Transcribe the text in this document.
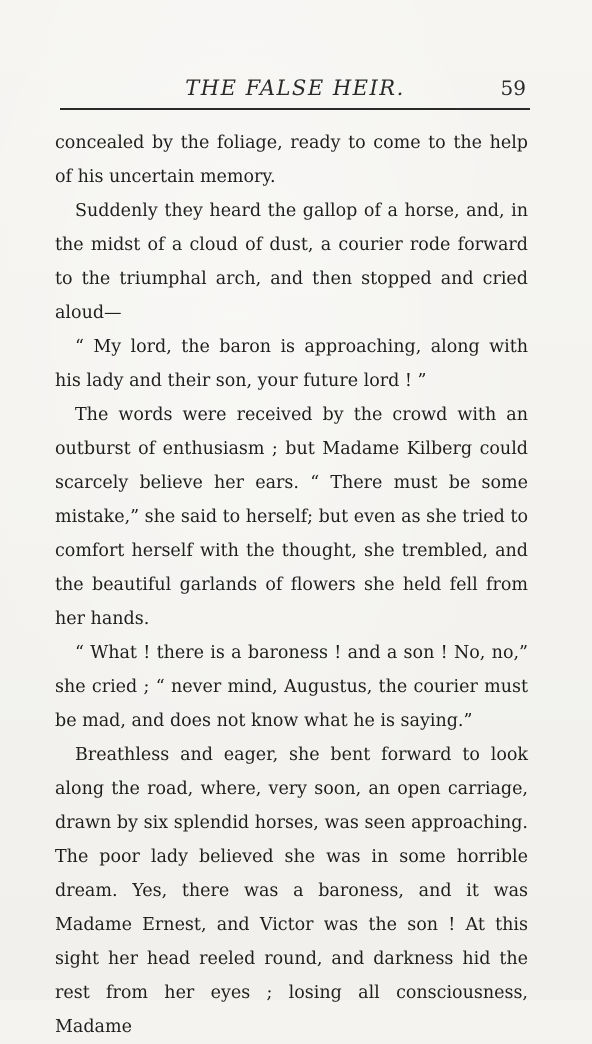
THE FALSE HEIR.	59

concealed by the foliage, ready to come to the help of his uncertain memory.

Suddenly they heard the gallop of a horse, and, in the midst of a cloud of dust, a courier rode forward to the triumphal arch, and then stopped and cried aloud—

“ My lord, the baron is approaching, along with his lady and their son, your future lord ! ”

The words were received by the crowd with an outburst of enthusiasm ; but Madame Kilberg could scarcely believe her ears. “ There must be some mistake,” she said to herself; but even as she tried to comfort herself with the thought, she trembled, and the beautiful garlands of flowers she held fell from her hands.

“ What ! there is a baroness ! and a son ! No, no,” she cried ; “ never mind, Augustus, the courier must be mad, and does not know what he is saying.”

Breathless and eager, she bent forward to look along the road, where, very soon, an open carriage, drawn by six splendid horses, was seen approaching. The poor lady believed she was in some horrible dream. Yes, there was a baroness, and it was Madame Ernest, and Victor was the son ! At this sight her head reeled round, and darkness hid the rest from her eyes ; losing all consciousness, Madame
